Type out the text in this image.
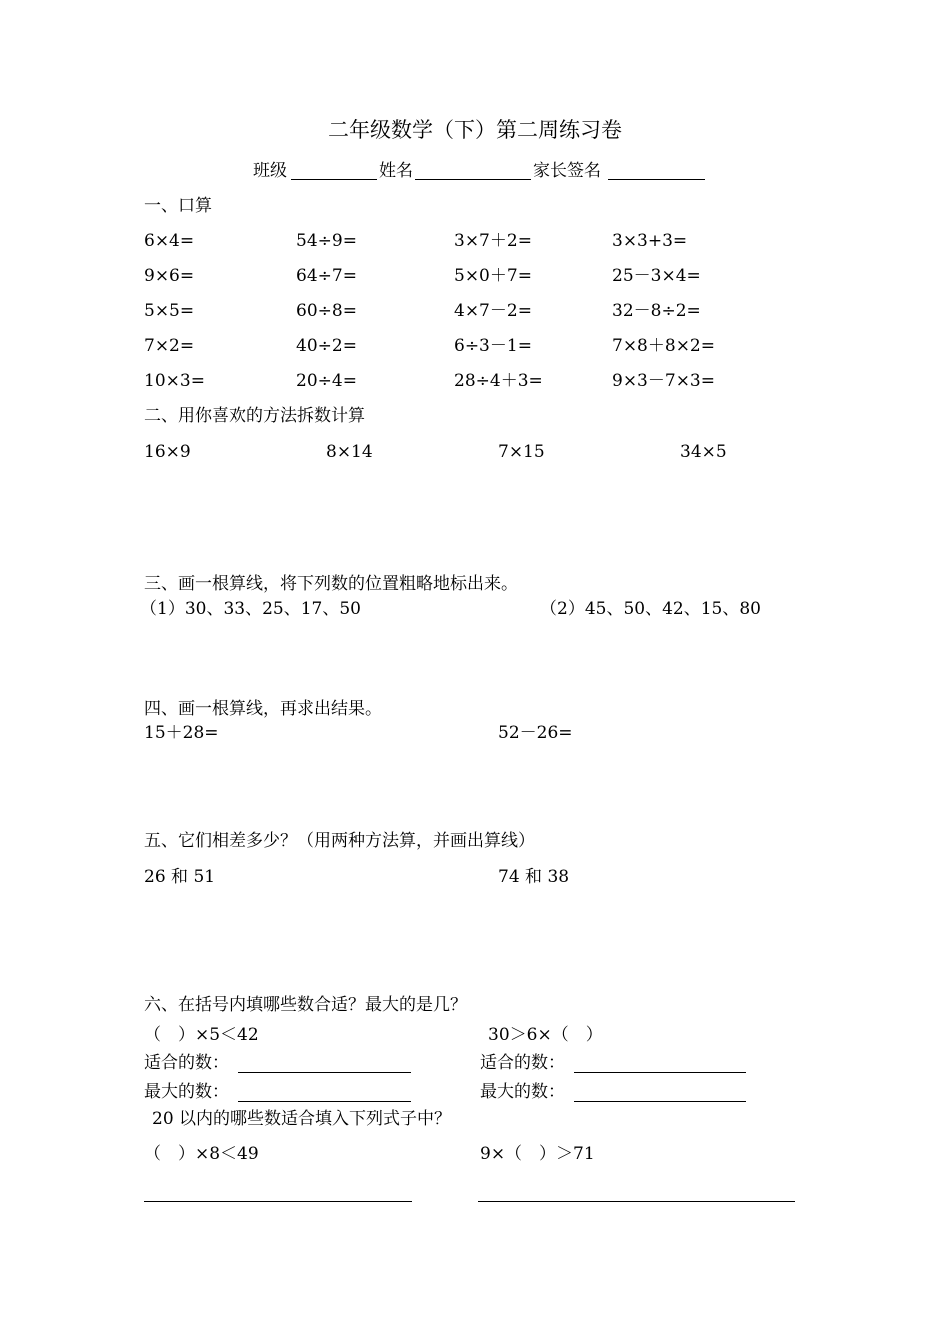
二年级数学（下）第二周练习卷
班级	姓名	家长签名
一、口算
6×4=	54÷9=	3×7＋2=	3×3+3=
9×6=	64÷7=	5×0＋7=	25－3×4=
5×5=	60÷8=	4×7－2=	32－8÷2=
7×2=	40÷2=	6÷3－1=	7×8＋8×2=
10×3=	20÷4=	28÷4＋3=	9×3－7×3=
二、用你喜欢的方法拆数计算
16×9	8×14	7×15	34×5
三、画一根算线，将下列数的位置粗略地标出来。
（1）30、33、25、17、50	（2）45、50、42、15、80
四、画一根算线，再求出结果。
15＋28=	52－26=
五、它们相差多少？（用两种方法算，并画出算线）
26 和 51	74 和 38
六、在括号内填哪些数合适？最大的是几？
（　）×5＜42	30＞6×（　）
适合的数：	适合的数：
最大的数：	最大的数：
20 以内的哪些数适合填入下列式子中？
（　）×8＜49	9×（　）＞71
